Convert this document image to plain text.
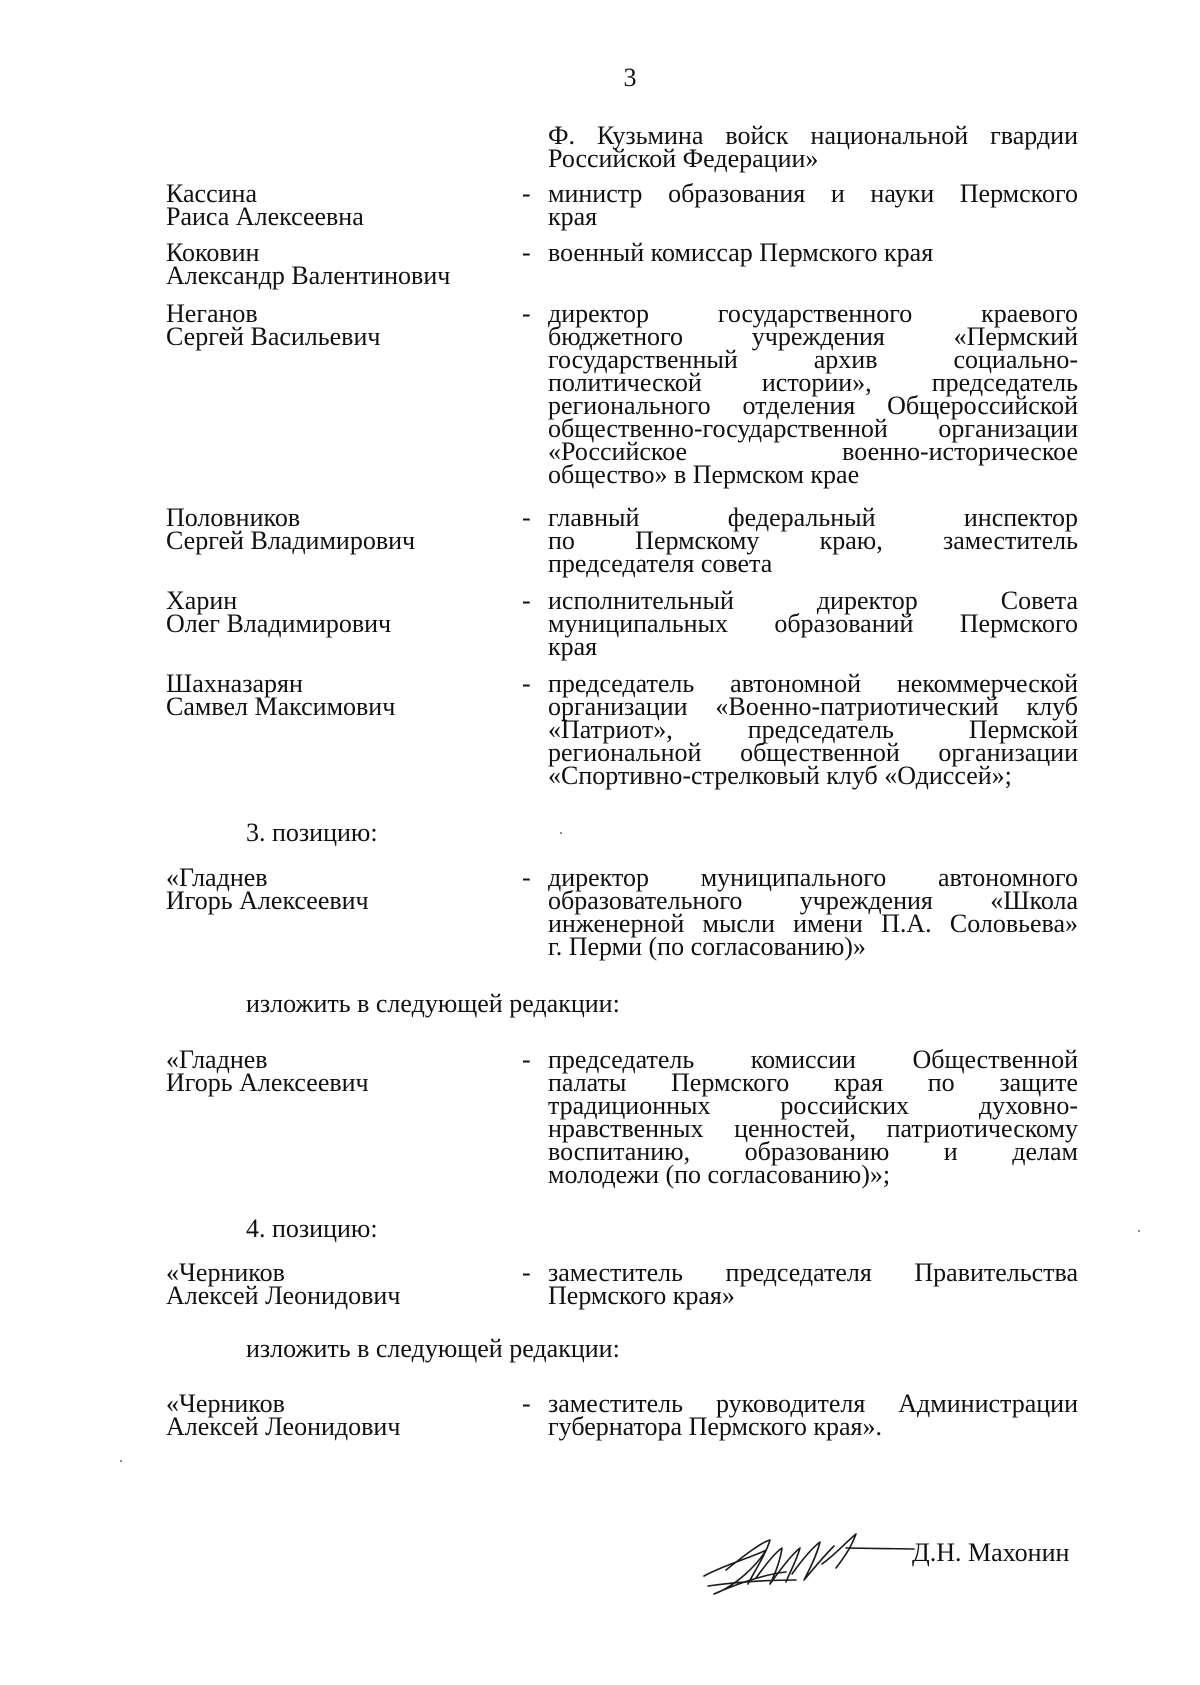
3
Ф. Кузьмина войск национальной гвардии
Российской Федерации»
Кассина
Раиса Алексеевна
- министр образования и науки Пермского
края
Коковин
Александр Валентинович
- военный комиссар Пермского края
Неганов
Сергей Васильевич
- директор государственного краевого
бюджетного учреждения «Пермский
государственный архив социально-
политической истории», председатель
регионального отделения Общероссийской
общественно-государственной организации
«Российское военно-историческое
общество» в Пермском крае
Половников
Сергей Владимирович
- главный федеральный инспектор
по Пермскому краю, заместитель
председателя совета
Харин
Олег Владимирович
- исполнительный директор Совета
муниципальных образований Пермского
края
Шахназарян
Самвел Максимович
- председатель автономной некоммерческой
организации «Военно-патриотический клуб
«Патриот», председатель Пермской
региональной общественной организации
«Спортивно-стрелковый клуб «Одиссей»;
3. позицию:
«Гладнев
Игорь Алексеевич
- директор муниципального автономного
образовательного учреждения «Школа
инженерной мысли имени П.А. Соловьева»
г. Перми (по согласованию)»
изложить в следующей редакции:
«Гладнев
Игорь Алексеевич
- председатель комиссии Общественной
палаты Пермского края по защите
традиционных российских духовно-
нравственных ценностей, патриотическому
воспитанию, образованию и делам
молодежи (по согласованию)»;
4. позицию:
«Черников
Алексей Леонидович
- заместитель председателя Правительства
Пермского края»
изложить в следующей редакции:
«Черников
Алексей Леонидович
- заместитель руководителя Администрации
губернатора Пермского края».
Д.Н. Махонин
